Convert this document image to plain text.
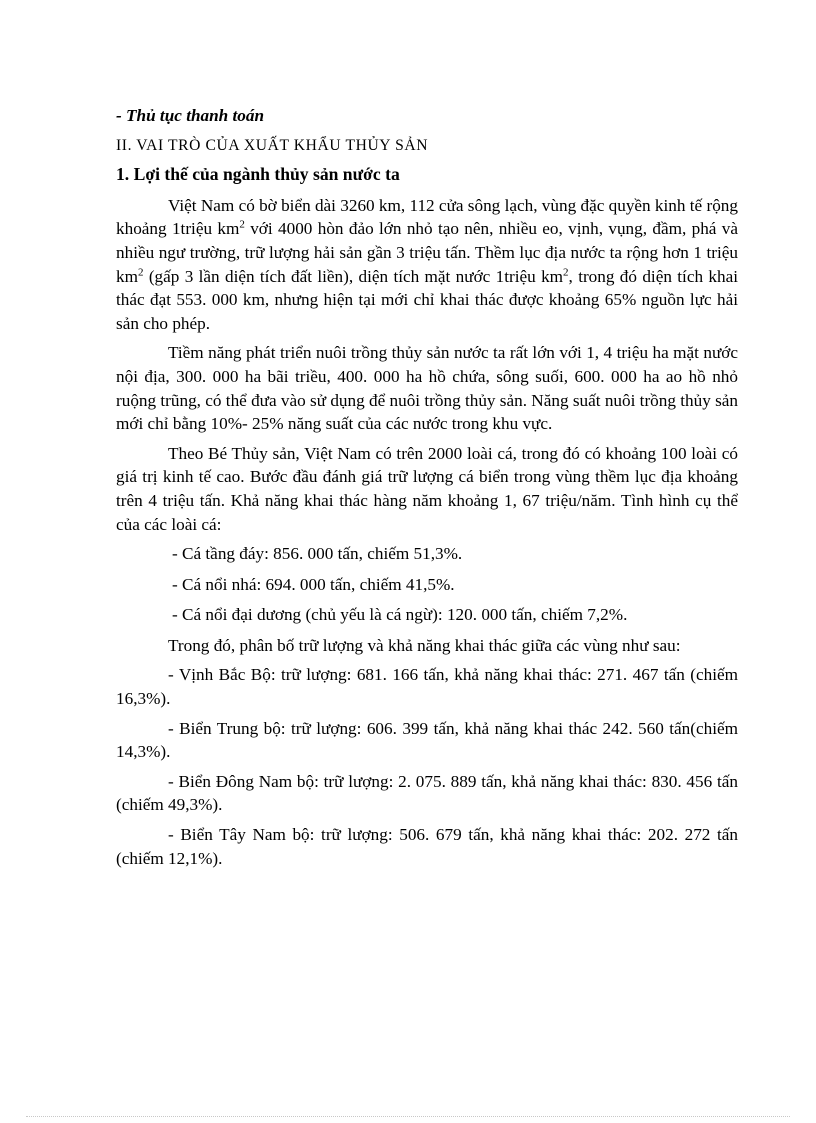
- Thủ tục thanh toán

II. VAI TRÒ CỦA XUẤT KHẨU THỦY SẢN

1. Lợi thế của ngành thủy sản nước ta

Việt Nam có bờ biển dài 3260 km, 112 cửa sông lạch, vùng đặc quyền kinh tế rộng khoảng 1triệu $km^2$ với 4000 hòn đảo lớn nhỏ tạo nên, nhiều eo, vịnh, vụng, đầm, phá và nhiều ngư trường, trữ lượng hải sản gần 3 triệu tấn. Thềm lục địa nước ta rộng hơn 1 triệu $km^2$ (gấp 3 lần diện tích đất liền), diện tích mặt nước 1triệu $km^2$, trong đó diện tích khai thác đạt 553. 000 km, nhưng hiện tại mới chỉ khai thác được khoảng 65% nguồn lực hải sản cho phép.

Tiềm năng phát triển nuôi trồng thủy sản nước ta rất lớn với 1, 4 triệu ha mặt nước nội địa, 300. 000 ha bãi triều, 400. 000 ha hồ chứa, sông suối, 600. 000 ha ao hồ nhỏ ruộng trũng, có thể đưa vào sử dụng để nuôi trồng thủy sản. Năng suất nuôi trồng thủy sản mới chỉ bằng 10%- 25% năng suất của các nước trong khu vực.

Theo Bé Thủy sản, Việt Nam có trên 2000 loài cá, trong đó có khoảng 100 loài có giá trị kinh tế cao. Bước đầu đánh giá trữ lượng cá biển trong vùng thềm lục địa khoảng trên 4 triệu tấn. Khả năng khai thác hàng năm khoảng 1, 67 triệu/năm. Tình hình cụ thể của các loài cá:

- Cá tầng đáy: 856. 000 tấn, chiếm 51,3%.

- Cá nổi nhá: 694. 000 tấn, chiếm 41,5%.

- Cá nổi đại dương (chủ yếu là cá ngừ): 120. 000 tấn, chiếm 7,2%.

Trong đó, phân bố trữ lượng và khả năng khai thác giữa các vùng như sau:

- Vịnh Bắc Bộ: trữ lượng: 681. 166 tấn, khả năng khai thác: 271. 467 tấn (chiếm 16,3%).

- Biển Trung bộ: trữ lượng: 606. 399 tấn, khả năng khai thác 242. 560 tấn(chiếm 14,3%).

- Biển Đông Nam bộ: trữ lượng: 2. 075. 889 tấn, khả năng khai thác: 830. 456 tấn (chiếm 49,3%).

- Biển Tây Nam bộ: trữ lượng: 506. 679 tấn, khả năng khai thác: 202. 272 tấn (chiếm 12,1%).
